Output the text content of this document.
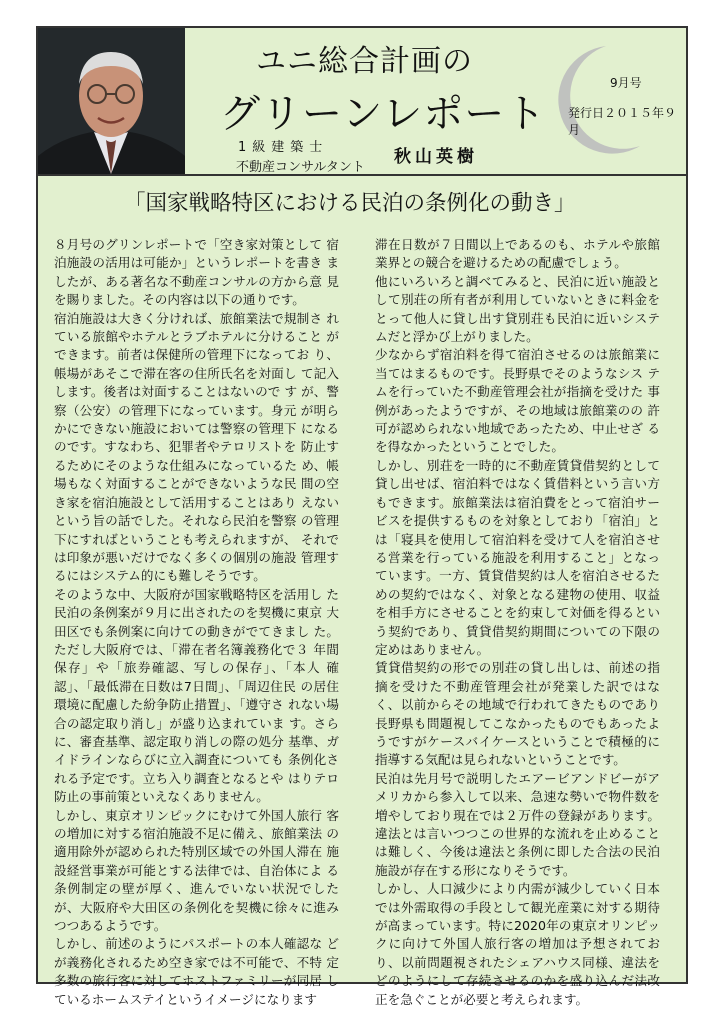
ユニ総合計画の
グリーンレポート
1級建築士
不動産コンサルタント
秋山英樹
9月号
発行日２０１５年９月
「国家戦略特区における民泊の条例化の動き」

８月号のグリンレポートで「空き家対策として 宿泊施設の活用は可能か」というレポートを書き ましたが、ある著名な不動産コンサルの方から意 見を賜りました。その内容は以下の通りです。

宿泊施設は大きく分ければ、旅館業法で規制さ れている旅館やホテルとラブホテルに分けること ができます。前者は保健所の管理下になってお り、帳場があそこで滞在客の住所氏名を対面し て記入します。後者は対面することはないので す が、警察（公安）の管理下になっています。身元 が明らかにできない施設においては警察の管理下 になるのです。すなわち、犯罪者やテロリストを 防止するためにそのような仕組みになっているた め、帳場もなく対面することができないような民 間の空き家を宿泊施設として活用することはあり えないという旨の話でした。それなら民泊を警察 の管理下にすればということも考えられますが、 それでは印象が悪いだけでなく多くの個別の施設 管理するにはシステム的にも難しそうです。

そのような中、大阪府が国家戦略特区を活用し た民泊の条例案が９月に出されたのを契機に東京 大田区でも条例案に向けての動きがでてきまし た。ただし大阪府では、「滞在者名簿義務化で３ 年間保存」や「旅券確認、写しの保存」、「本人 確認」、「最低滞在日数は7日間」、「周辺住民 の居住環境に配慮した紛争防止措置」、「遵守さ れない場合の認定取り消し」が盛り込まれていま す。さらに、審査基準、認定取り消しの際の処分 基準、ガイドラインならびに立入調査についても 条例化される予定です。立ち入り調査となるとや はりテロ防止の事前策といえなくありません。

しかし、東京オリンピックにむけて外国人旅行 客の増加に対する宿泊施設不足に備え、旅館業法 の適用除外が認められた特別区域での外国人滞在 施設経営事業が可能とする法律では、自治体によ る条例制定の壁が厚く、進んでいない状況でした が、大阪府や大田区の条例化を契機に徐々に進み つつあるようです。

しかし、前述のようにパスポートの本人確認な どが義務化されるため空き家では不可能で、不特 定多数の旅行客に対してホストファミリーが同居 しているホームステイというイメージになります

滞在日数が７日間以上であるのも、ホテルや旅館業界との競合を避けるための配慮でしょう。

他にいろいろと調べてみると、民泊に近い施設として別荘の所有者が利用していないときに料金をとって他人に貸し出す貸別荘も民泊に近いシステムだと浮かび上がりました。

少なからず宿泊料を得て宿泊させるのは旅館業に当てはまるものです。長野県でそのようなシス テムを行っていた不動産管理会社が指摘を受けた 事例があったようですが、その地域は旅館業のの 許可が認められない地域であったため、中止せざ るを得なかったということでした。

しかし、別荘を一時的に不動産賃貸借契約として貸し出せば、宿泊料ではなく賃借料という言い方もできます。旅館業法は宿泊費をとって宿泊サービスを提供するものを対象としており「宿泊」とは「寝具を使用して宿泊料を受けて人を宿泊させる営業を行っている施設を利用すること」となっています。一方、賃貸借契約は人を宿泊させるための契約ではなく、対象となる建物の使用、収益を相手方にさせることを約束して対価を得るという契約であり、賃貸借契約期間についての下限の定めはありません。

賃貸借契約の形での別荘の貸し出しは、前述の指摘を受けた不動産管理会社が発業した訳ではなく、以前からその地域で行われてきたものであり長野県も問題視してこなかったものでもあったようですがケースバイケースということで積極的に指導する気配は見られないということです。

民泊は先月号で説明したエアービアンドビーがアメリカから参入して以来、急速な勢いで物件数を増やしており現在では２万件の登録があります。違法とは言いつつこの世界的な流れを止めることは難しく、今後は違法と条例に即した合法の民泊施設が存在する形になりそうです。

しかし、人口減少により内需が減少していく日本では外需取得の手段として観光産業に対する期待が高まっています。特に2020年の東京オリンピックに向けて外国人旅行客の増加は予想されており、以前問題視されたシェアハウス同様、違法をどのようにして存続させるのかを盛り込んだ法改正を急ぐことが必要と考えられます。
